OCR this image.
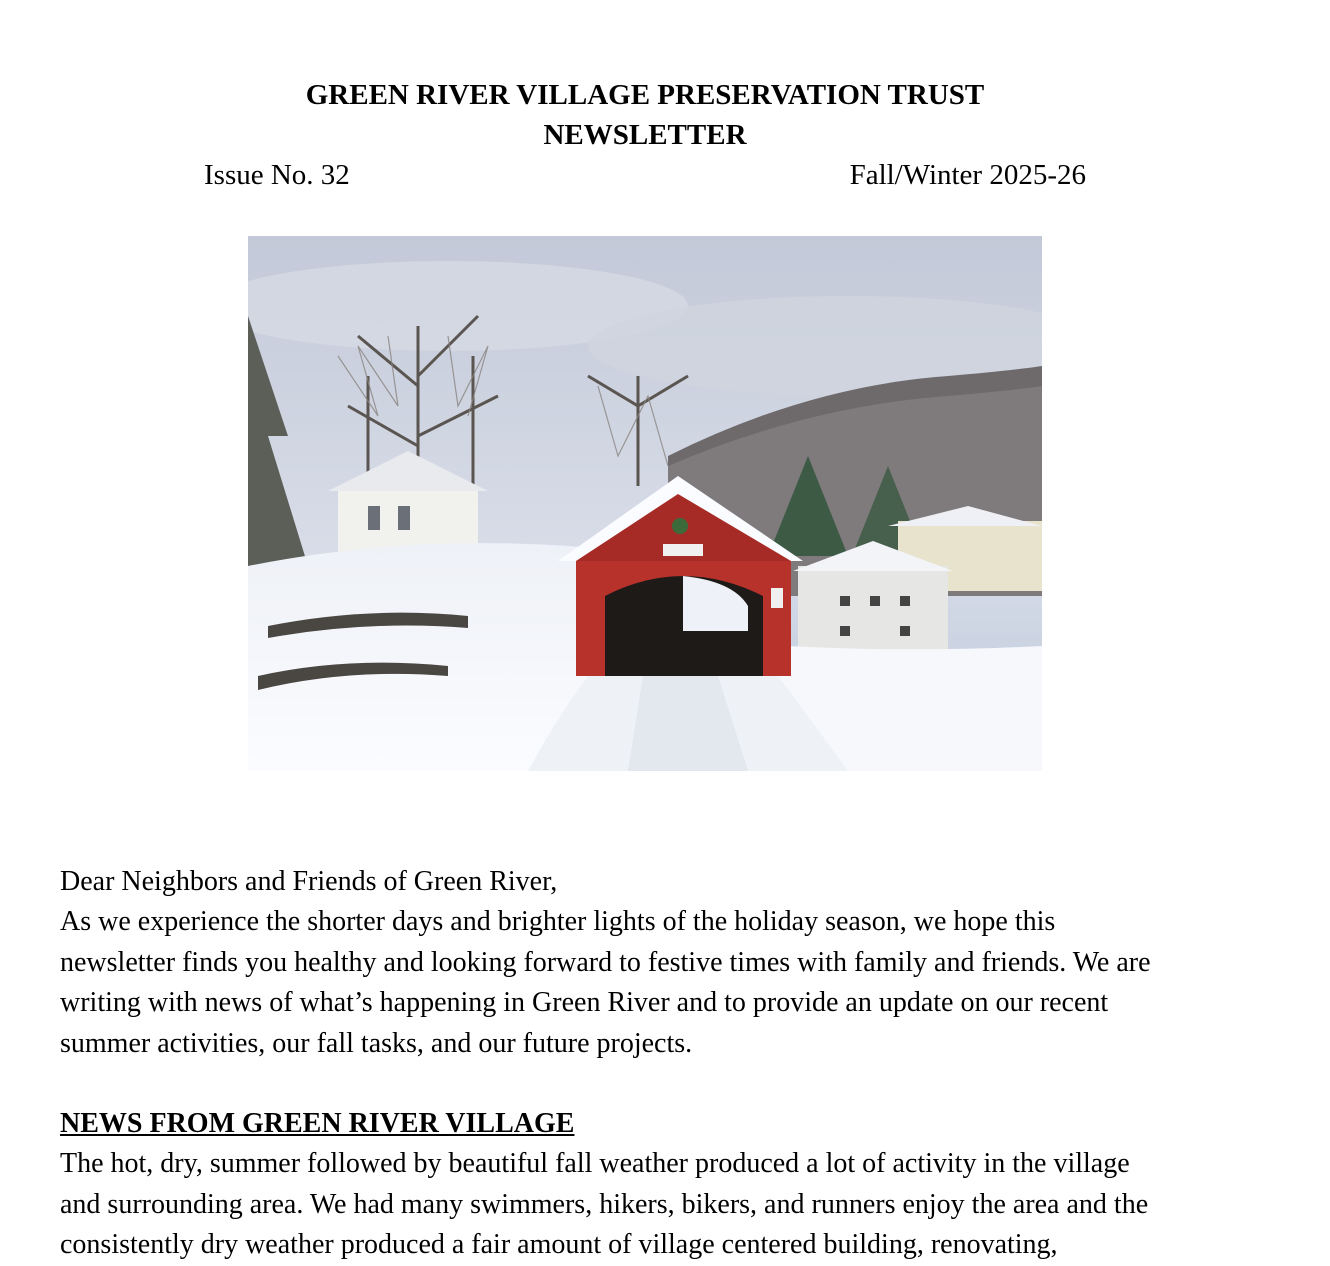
GREEN RIVER VILLAGE PRESERVATION TRUST
NEWSLETTER
Issue No. 32	Fall/Winter 2025-26
Dear Neighbors and Friends of Green River,
As we experience the shorter days and brighter lights of the holiday season, we hope this
newsletter finds you healthy and looking forward to festive times with family and friends. We are
writing with news of what’s happening in Green River and to provide an update on our recent
summer activities, our fall tasks, and our future projects.
NEWS FROM GREEN RIVER VILLAGE
The hot, dry, summer followed by beautiful fall weather produced a lot of activity in the village
and surrounding area. We had many swimmers, hikers, bikers, and runners enjoy the area and the
consistently dry weather produced a fair amount of village centered building, renovating,
